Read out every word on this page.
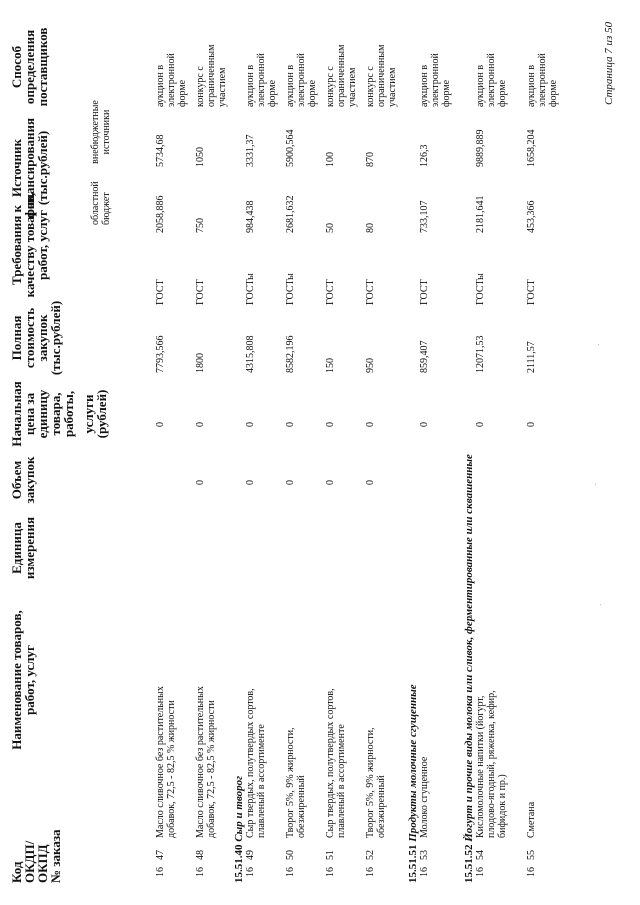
Код
ОКДП/
ОКПД
№ заказа
Наименование товаров,
работ, услуг
Единица
измерения
Объем
закупок
Начальная
цена за
единицу
товара,
работы, услуги
(рублей)
Полная
стоимость
закупок
(тыс.рублей)
Требования к
качеству товаров,
работ, услуг
Источник
финансирования
(тыс.рублей)	областной
бюджет
внебюджетные
источники
Способ
определения
поставщиков
16
47
Масло сливочное без растительных
добавок, 72,5 - 82,5 % жирности
0
7793,566
ГОСТ
2058,886
5734,68
аукцион в
электронной
форме
16
48
Масло сливочное без растительных
добавок, 72,5 - 82,5 % жирности
0
0
1800
ГОСТ
750
1050
конкурс с
ограниченным
участием
15.51.40 Сыр и творог
16
49
Сыр твердых, полутвердых сортов,
плавленый в ассортименте
0
0
4315,808
ГОСТы
984,438
3331,37
аукцион в
электронной
форме
16
50
Творог 5%, 9% жирности,
обезжиренный
0
0
8582,196
ГОСТы
2681,632
5900,564
аукцион в
электронной
форме
16
51
Сыр твердых, полутвердых сортов,
плавленый в ассортименте
0
0
150
ГОСТ
50
100
конкурс с
ограниченным
участием
16
52
Творог 5%, 9% жирности,
обезжиренный
0
0
950
ГОСТ
80
870
конкурс с
ограниченным
участием
15.51.51 Продукты молочные сгущенные
16
53
Молоко сгущенное
0
859,407
ГОСТ
733,107
126,3
аукцион в
электронной
форме
15.51.52 Йогурт и прочие виды молока или сливок, ферментированные или сквашенные
16
54
Кисломолочные напитки (йогурт,
плодово-ягодный, ряженка, кефир,
бифидок и пр.)
0
12071,53
ГОСТы
2181,641
9889,889
аукцион в
электронной
форме
16
55
Сметана
0
2111,57
ГОСТ
453,366
1658,204
аукцион в
электронной
форме	Страница 7 из 50
